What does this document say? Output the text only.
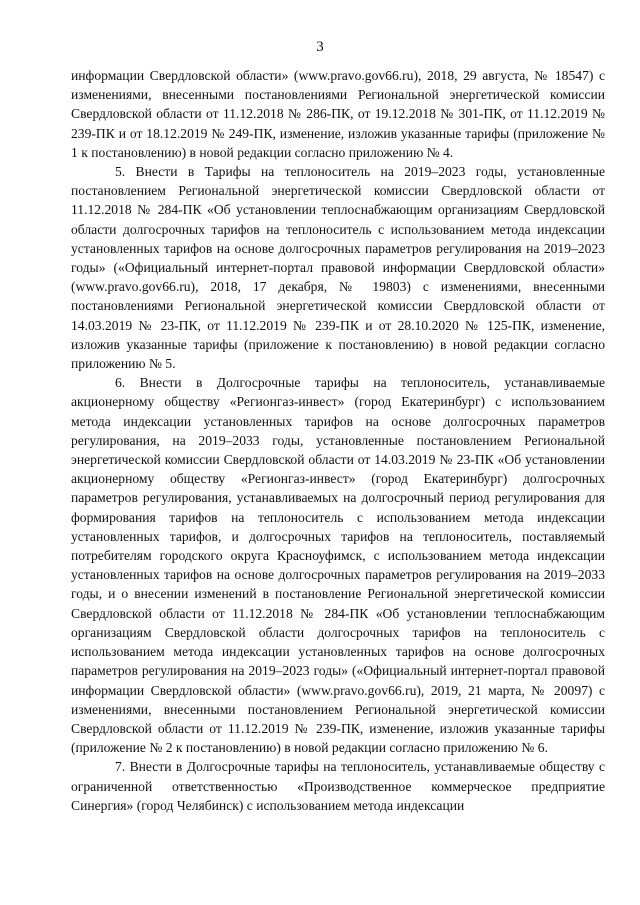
3

информации Свердловской области» (www.pravo.gov66.ru), 2018, 29 августа, № 18547) с изменениями, внесенными постановлениями Региональной энергетической комиссии Свердловской области от 11.12.2018 № 286-ПК, от 19.12.2018 № 301-ПК, от 11.12.2019 № 239-ПК и от 18.12.2019 № 249-ПК, изменение, изложив указанные тарифы (приложение № 1 к постановлению) в новой редакции согласно приложению № 4.

5. Внести в Тарифы на теплоноситель на 2019–2023 годы, установленные постановлением Региональной энергетической комиссии Свердловской области от 11.12.2018 № 284-ПК «Об установлении теплоснабжающим организациям Свердловской области долгосрочных тарифов на теплоноситель с использованием метода индексации установленных тарифов на основе долгосрочных параметров регулирования на 2019–2023 годы» («Официальный интернет-портал правовой информации Свердловской области» (www.pravo.gov66.ru), 2018, 17 декабря, № 19803) с изменениями, внесенными постановлениями Региональной энергетической комиссии Свердловской области от 14.03.2019 № 23-ПК, от 11.12.2019 № 239-ПК и от 28.10.2020 № 125-ПК, изменение, изложив указанные тарифы (приложение к постановлению) в новой редакции согласно приложению № 5.

6. Внести в Долгосрочные тарифы на теплоноситель, устанавливаемые акционерному обществу «Регионгаз-инвест» (город Екатеринбург) с использованием метода индексации установленных тарифов на основе долгосрочных параметров регулирования, на 2019–2033 годы, установленные постановлением Региональной энергетической комиссии Свердловской области от 14.03.2019 № 23-ПК «Об установлении акционерному обществу «Регионгаз-инвест» (город Екатеринбург) долгосрочных параметров регулирования, устанавливаемых на долгосрочный период регулирования для формирования тарифов на теплоноситель с использованием метода индексации установленных тарифов, и долгосрочных тарифов на теплоноситель, поставляемый потребителям городского округа Красноуфимск, с использованием метода индексации установленных тарифов на основе долгосрочных параметров регулирования на 2019–2033 годы, и о внесении изменений в постановление Региональной энергетической комиссии Свердловской области от 11.12.2018 № 284-ПК «Об установлении теплоснабжающим организациям Свердловской области долгосрочных тарифов на теплоноситель с использованием метода индексации установленных тарифов на основе долгосрочных параметров регулирования на 2019–2023 годы» («Официальный интернет-портал правовой информации Свердловской области» (www.pravo.gov66.ru), 2019, 21 марта, № 20097) с изменениями, внесенными постановлением Региональной энергетической комиссии Свердловской области от 11.12.2019 № 239-ПК, изменение, изложив указанные тарифы (приложение № 2 к постановлению) в новой редакции согласно приложению № 6.

7. Внести в Долгосрочные тарифы на теплоноситель, устанавливаемые обществу с ограниченной ответственностью «Производственное коммерческое предприятие Синергия» (город Челябинск) с использованием метода индексации
